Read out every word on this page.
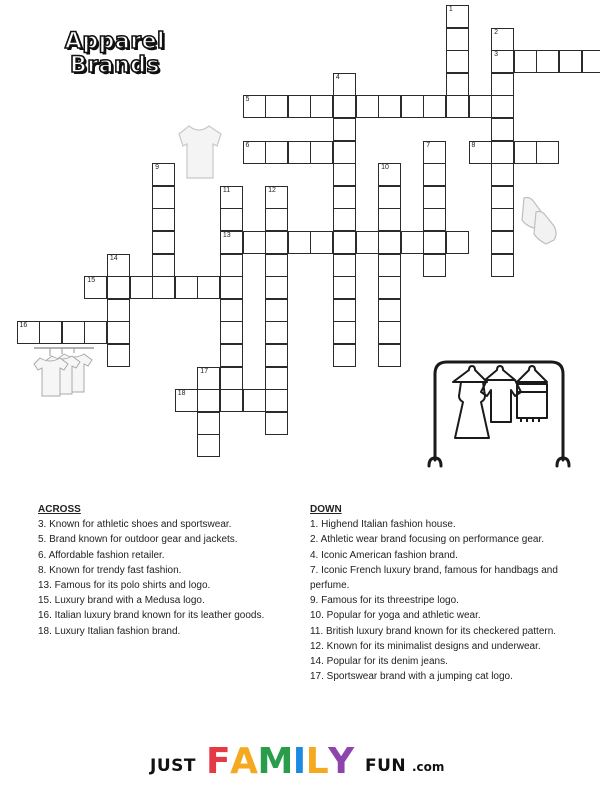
Apparel
Brands
1
2
3
4
5
6	7	8
9	10
11
13
12
14
15
16
17
18
ACROSS

3. Known for athletic shoes and sportswear.

5. Brand known for outdoor gear and jackets.

6. Affordable fashion retailer.

8. Known for trendy fast fashion.

13. Famous for its polo shirts and logo.

15. Luxury brand with a Medusa logo.

16. Italian luxury brand known for its leather goods.

18. Luxury Italian fashion brand.

DOWN

1. Highend Italian fashion house.

2. Athletic wear brand focusing on performance gear.

4. Iconic American fashion brand.

7. Iconic French luxury brand, famous for handbags and perfume.

9. Famous for its threestripe logo.

10. Popular for yoga and athletic wear.

11. British luxury brand known for its checkered pattern.

12. Known for its minimalist designs and underwear.

14. Popular for its denim jeans.

17. Sportswear brand with a jumping cat logo.

JUST FAMILY FUN .com
